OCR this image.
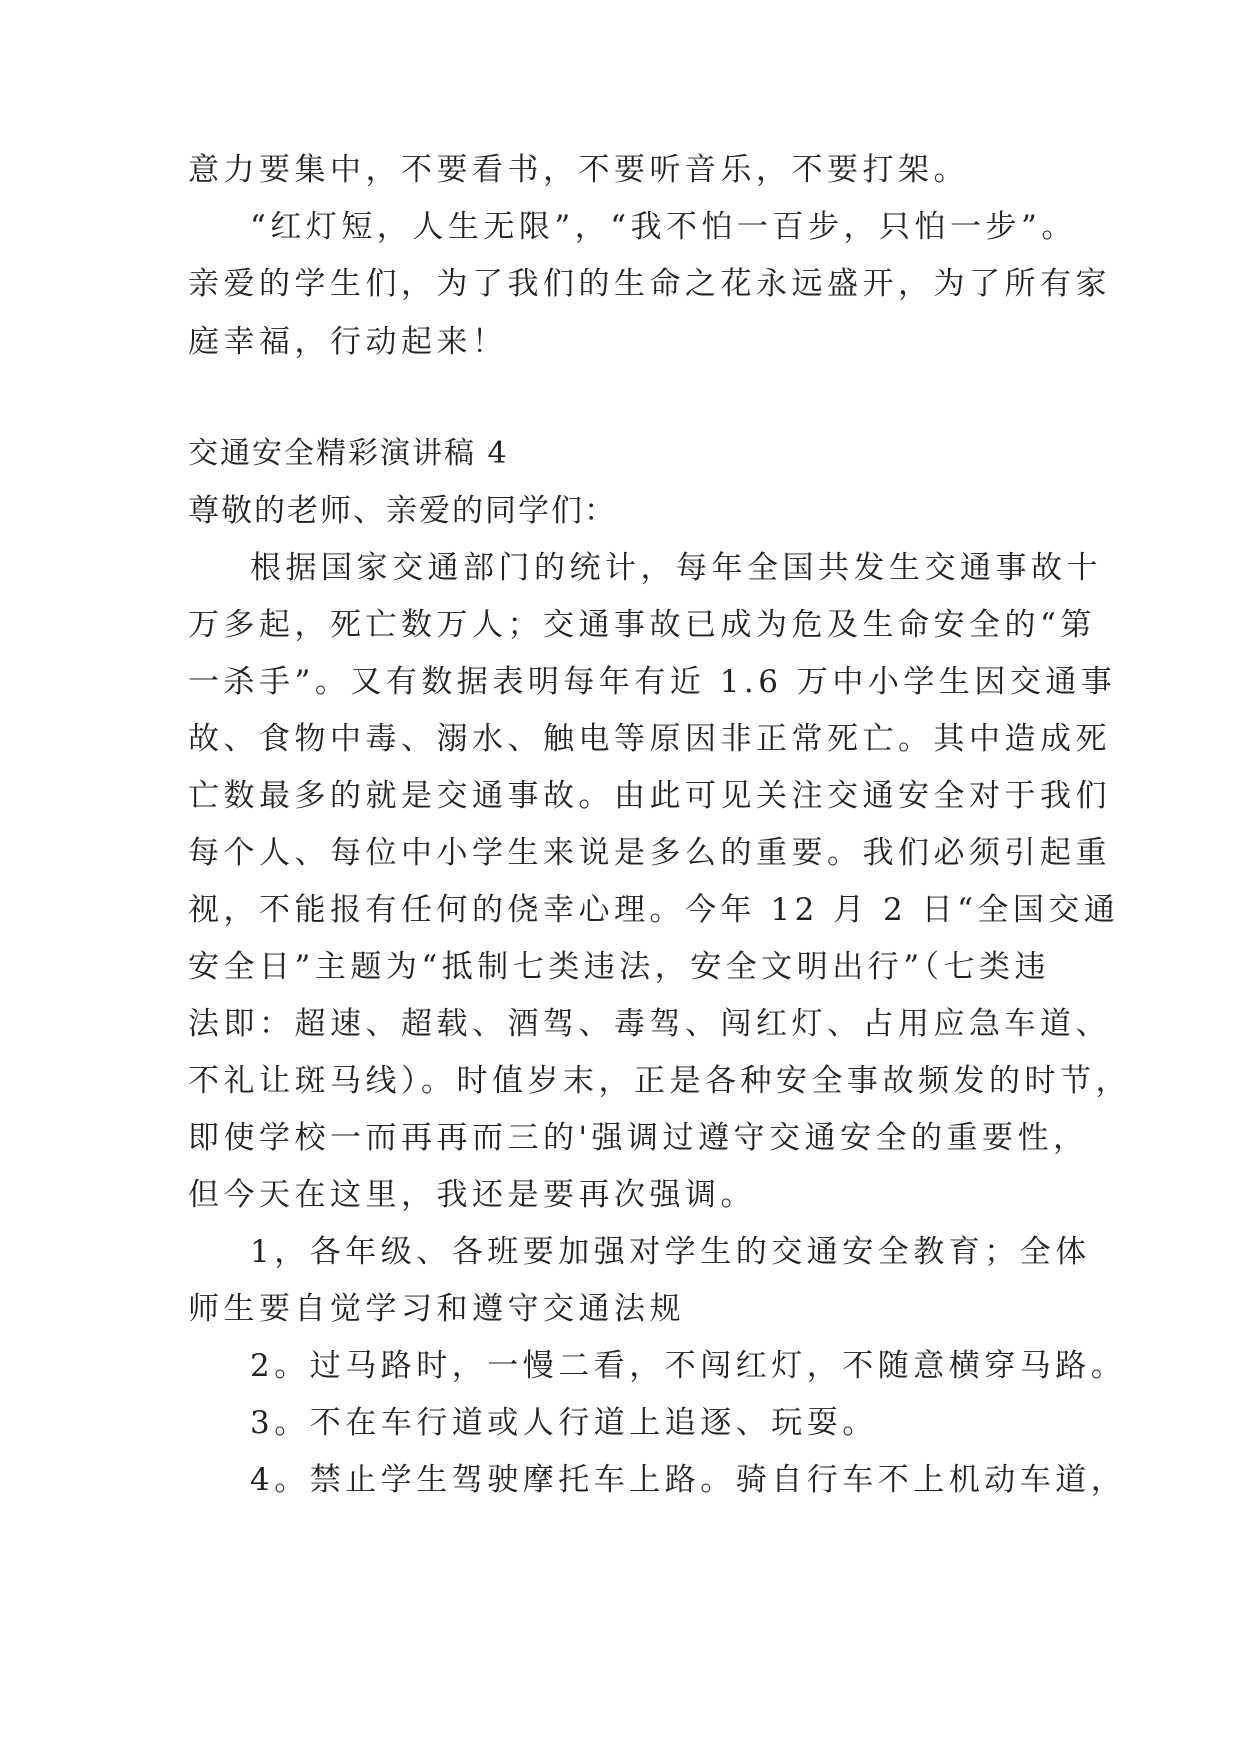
意力要集中，不要看书，不要听音乐，不要打架。
“红灯短，人生无限”，“我不怕一百步，只怕一步”。
亲爱的学生们，为了我们的生命之花永远盛开，为了所有家
庭幸福，行动起来！
交通安全精彩演讲稿 4
尊敬的老师、亲爱的同学们：
根据国家交通部门的统计，每年全国共发生交通事故十
万多起，死亡数万人；交通事故已成为危及生命安全的“第
一杀手”。又有数据表明每年有近 1.6 万中小学生因交通事
故、食物中毒、溺水、触电等原因非正常死亡。其中造成死
亡数最多的就是交通事故。由此可见关注交通安全对于我们
每个人、每位中小学生来说是多么的重要。我们必须引起重
视，不能报有任何的侥幸心理。今年 12 月 2 日“全国交通
安全日”主题为“抵制七类违法，安全文明出行”（七类违
法即：超速、超载、酒驾、毒驾、闯红灯、占用应急车道、
不礼让斑马线）。时值岁末，正是各种安全事故频发的时节，
即使学校一而再再而三的'强调过遵守交通安全的重要性，
但今天在这里，我还是要再次强调。
1，各年级、各班要加强对学生的交通安全教育；全体
师生要自觉学习和遵守交通法规
2。过马路时，一慢二看，不闯红灯，不随意横穿马路。
3。不在车行道或人行道上追逐、玩耍。
4。禁止学生驾驶摩托车上路。骑自行车不上机动车道，
